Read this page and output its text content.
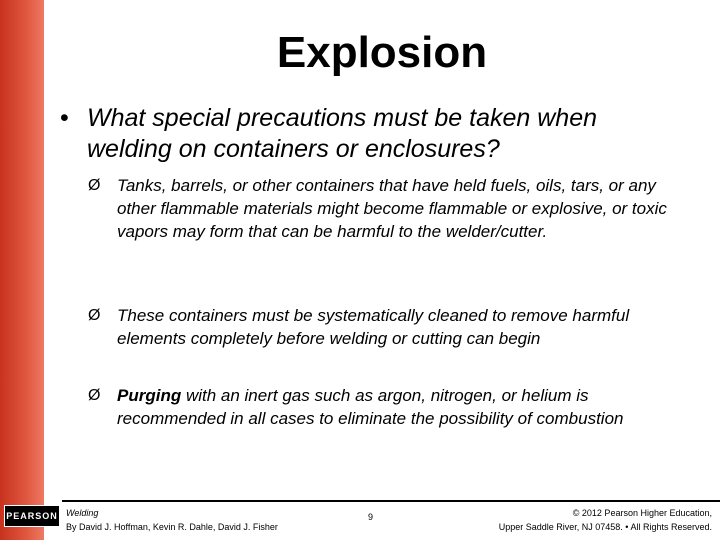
Explosion
• What special precautions must be taken when welding on containers or enclosures?
Ø Tanks, barrels, or other containers that have held fuels, oils, tars, or any other flammable materials might become flammable or explosive, or toxic vapors may form that can be harmful to the welder/cutter.
Ø These containers must be systematically cleaned to remove harmful elements completely before welding or cutting can begin
Ø Purging with an inert gas such as argon, nitrogen, or helium is recommended in all cases to eliminate the possibility of combustion
PEARSON Welding
By David J. Hoffman, Kevin R. Dahle, David J. Fisher
9	© 2012 Pearson Higher Education,
Upper Saddle River, NJ 07458. • All Rights Reserved.
